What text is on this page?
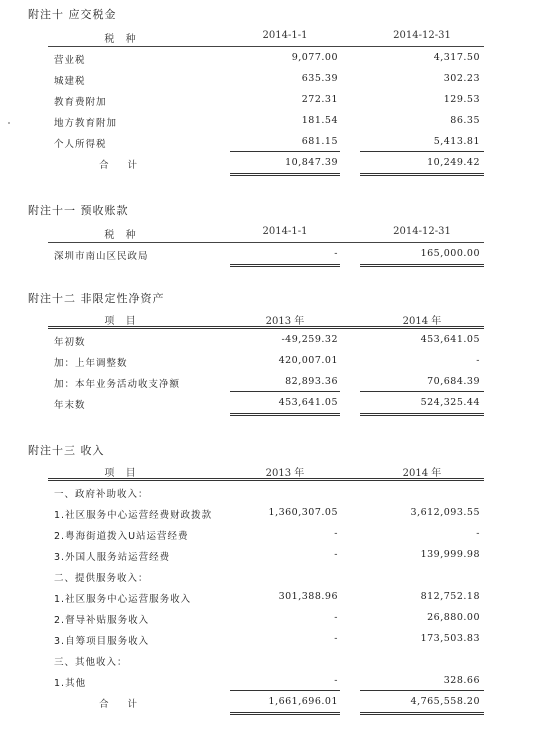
附注十 应交税金
税 种	2014-1-1	2014-12-31
营业税	9,077.00	4,317.50
城建税	635.39	302.23
教育费附加	272.31	129.53
地方教育附加	181.54	86.35
个人所得税	681.15	5,413.81
合 计	10,847.39	10,249.42
附注十一 预收账款
税 种	2014-1-1	2014-12-31
深圳市南山区民政局	-	165,000.00
附注十二 非限定性净资产
项 目	2013 年	2014 年
年初数	-49,259.32	453,641.05
加：上年调整数	420,007.01	-
加：本年业务活动收支净额	82,893.36	70,684.39
年末数	453,641.05	524,325.44
附注十三 收入
项 目	2013 年	2014 年
一、政府补助收入：
1.社区服务中心运营经费财政拨款	1,360,307.05	3,612,093.55
2.粤海街道拨入U站运营经费	-	-
3.外国人服务站运营经费	-	139,999.98
二、提供服务收入：
1.社区服务中心运营服务收入	301,388.96	812,752.18
2.督导补贴服务收入	-	26,880.00
3.自筹项目服务收入	-	173,503.83
三、其他收入：
1.其他	-	328.66
合 计	1,661,696.01	4,765,558.20
